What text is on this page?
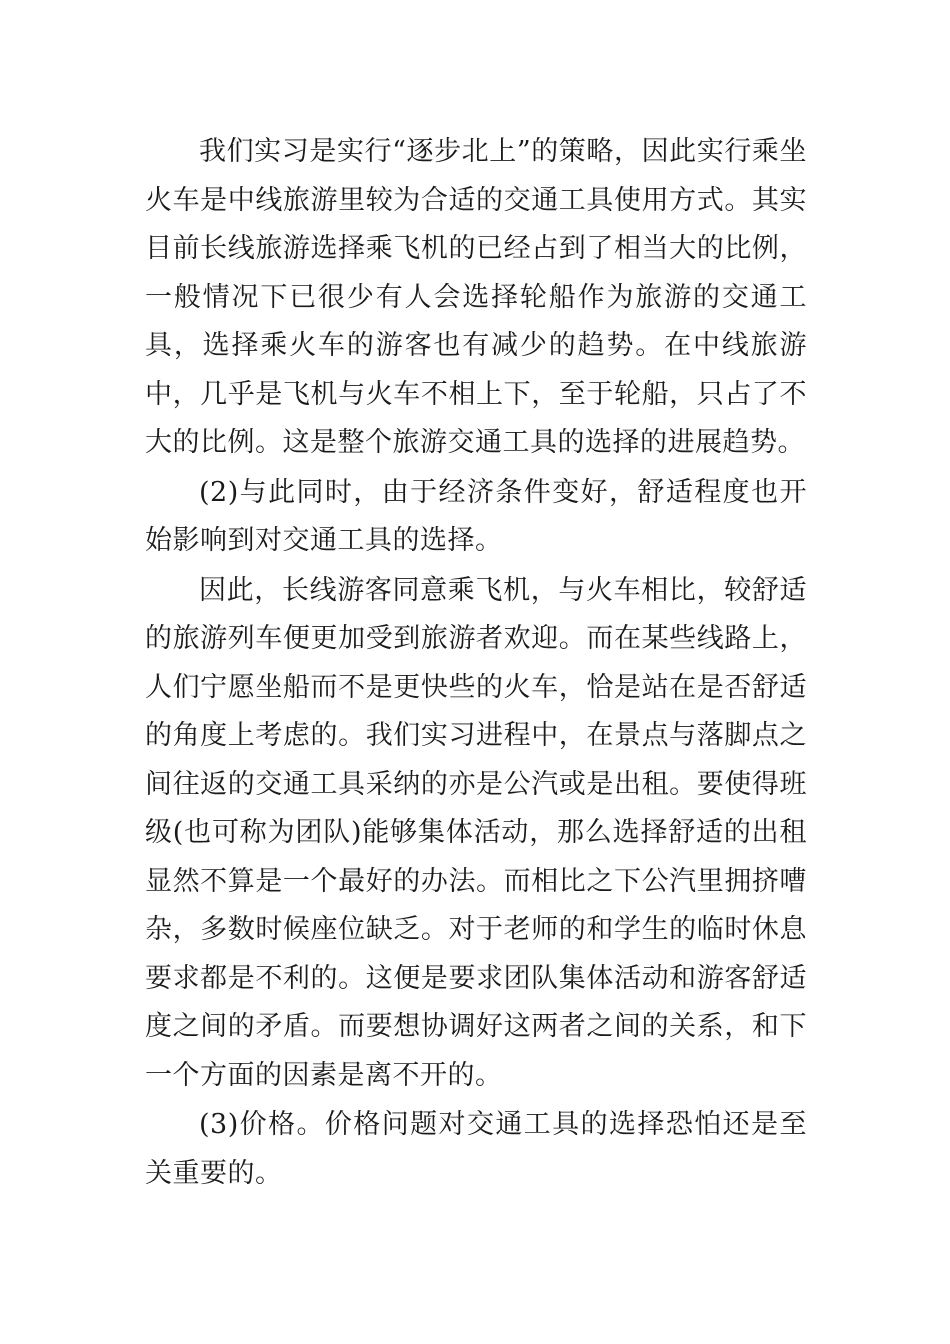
我们实习是实行“逐步北上”的策略，因此实行乘坐火车是中线旅游里较为合适的交通工具使用方式。其实目前长线旅游选择乘飞机的已经占到了相当大的比例，一般情况下已很少有人会选择轮船作为旅游的交通工具，选择乘火车的游客也有减少的趋势。在中线旅游中，几乎是飞机与火车不相上下，至于轮船，只占了不大的比例。这是整个旅游交通工具的选择的进展趋势。

(2)与此同时，由于经济条件变好，舒适程度也开始影响到对交通工具的选择。

因此，长线游客同意乘飞机，与火车相比，较舒适的旅游列车便更加受到旅游者欢迎。而在某些线路上，人们宁愿坐船而不是更快些的火车，恰是站在是否舒适的角度上考虑的。我们实习进程中，在景点与落脚点之间往返的交通工具采纳的亦是公汽或是出租。要使得班级(也可称为团队)能够集体活动，那么选择舒适的出租显然不算是一个最好的办法。而相比之下公汽里拥挤嘈杂，多数时候座位缺乏。对于老师的和学生的临时休息要求都是不利的。这便是要求团队集体活动和游客舒适度之间的矛盾。而要想协调好这两者之间的关系，和下一个方面的因素是离不开的。

(3)价格。价格问题对交通工具的选择恐怕还是至关重要的。
